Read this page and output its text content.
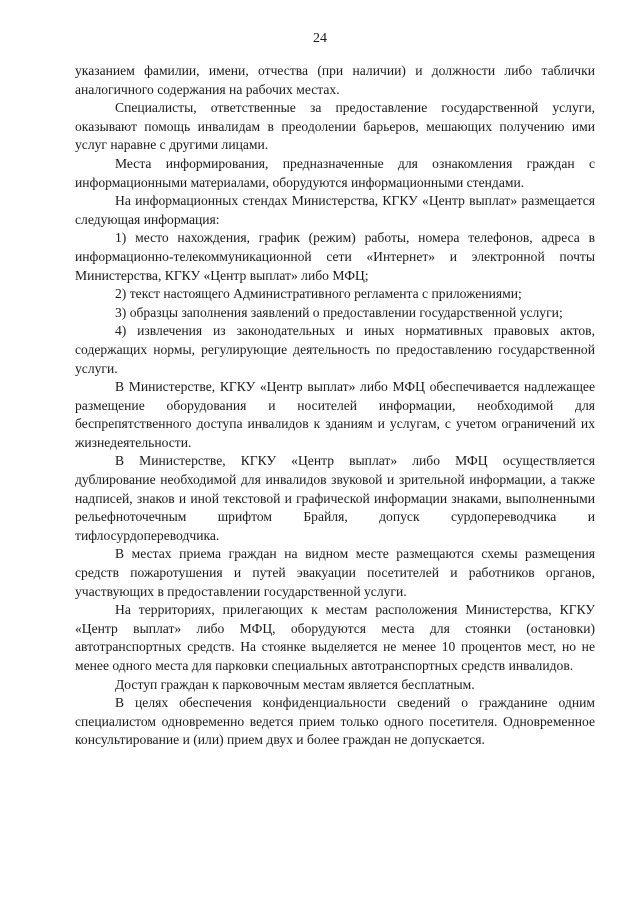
24

указанием фамилии, имени, отчества (при наличии) и должности либо таблички аналогичного содержания на рабочих местах.

Специалисты, ответственные за предоставление государственной услуги, оказывают помощь инвалидам в преодолении барьеров, мешающих получению ими услуг наравне с другими лицами.

Места информирования, предназначенные для ознакомления граждан с информационными материалами, оборудуются информационными стендами.

На информационных стендах Министерства, КГКУ «Центр выплат» размещается следующая информация:

1) место нахождения, график (режим) работы, номера телефонов, адреса в информационно-телекоммуникационной сети «Интернет» и электронной почты Министерства, КГКУ «Центр выплат» либо МФЦ;

2) текст настоящего Административного регламента с приложениями;

3) образцы заполнения заявлений о предоставлении государственной услуги;

4) извлечения из законодательных и иных нормативных правовых актов, содержащих нормы, регулирующие деятельность по предоставлению государственной услуги.

В Министерстве, КГКУ «Центр выплат» либо МФЦ обеспечивается надлежащее размещение оборудования и носителей информации, необходимой для беспрепятственного доступа инвалидов к зданиям и услугам, с учетом ограничений их жизнедеятельности.

В Министерстве, КГКУ «Центр выплат» либо МФЦ осуществляется дублирование необходимой для инвалидов звуковой и зрительной информации, а также надписей, знаков и иной текстовой и графической информации знаками, выполненными рельефноточечным шрифтом Брайля, допуск сурдопереводчика и тифлосурдопереводчика.

В местах приема граждан на видном месте размещаются схемы размещения средств пожаротушения и путей эвакуации посетителей и работников органов, участвующих в предоставлении государственной услуги.

На территориях, прилегающих к местам расположения Министерства, КГКУ «Центр выплат» либо МФЦ, оборудуются места для стоянки (остановки) автотранспортных средств. На стоянке выделяется не менее 10 процентов мест, но не менее одного места для парковки специальных автотранспортных средств инвалидов.

Доступ граждан к парковочным местам является бесплатным.

В целях обеспечения конфиденциальности сведений о гражданине одним специалистом одновременно ведется прием только одного посетителя. Одновременное консультирование и (или) прием двух и более граждан не допускается.
